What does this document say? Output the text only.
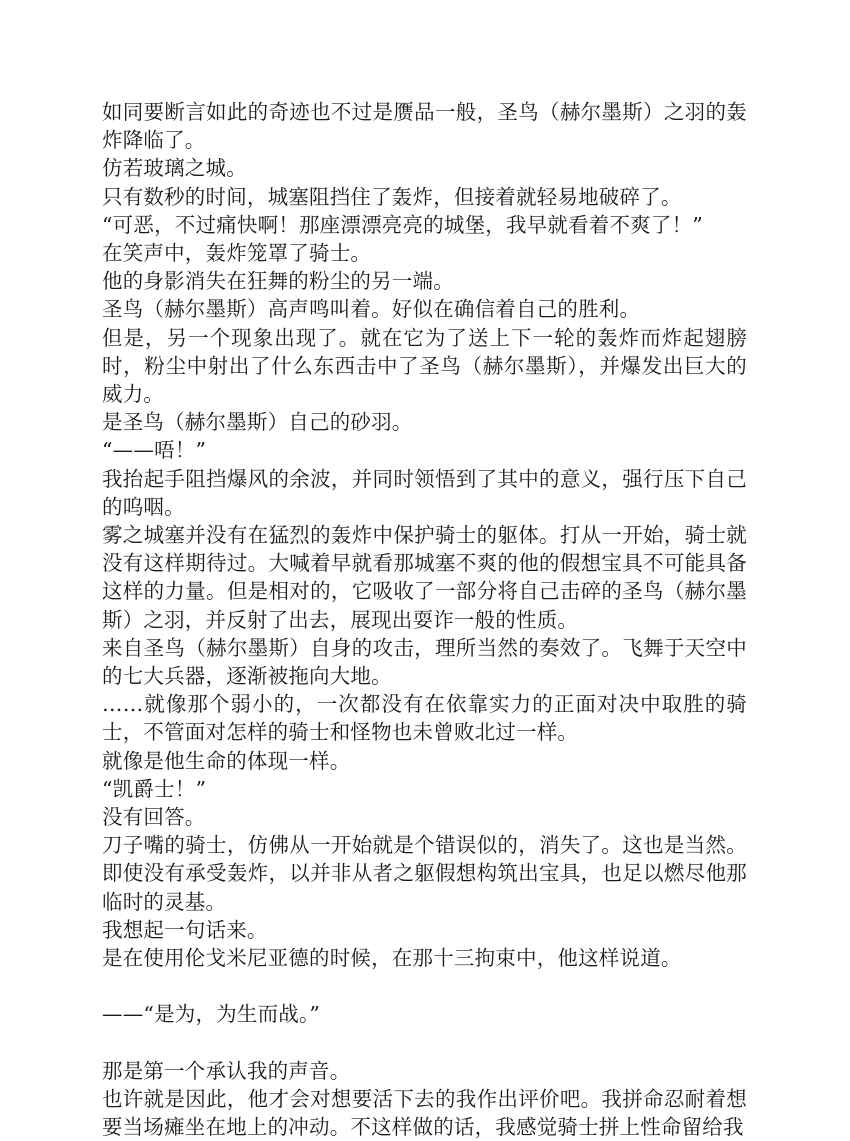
如同要断言如此的奇迹也不过是赝品一般，圣鸟（赫尔墨斯）之羽的轰炸降临了。

仿若玻璃之城。

只有数秒的时间，城塞阻挡住了轰炸，但接着就轻易地破碎了。

“可恶，不过痛快啊！那座漂漂亮亮的城堡，我早就看着不爽了！”

在笑声中，轰炸笼罩了骑士。

他的身影消失在狂舞的粉尘的另一端。

圣鸟（赫尔墨斯）高声鸣叫着。好似在确信着自己的胜利。

但是，另一个现象出现了。就在它为了送上下一轮的轰炸而炸起翅膀时，粉尘中射出了什么东西击中了圣鸟（赫尔墨斯），并爆发出巨大的威力。

是圣鸟（赫尔墨斯）自己的砂羽。

“——唔！”

我抬起手阻挡爆风的余波，并同时领悟到了其中的意义，强行压下自己的呜咽。

雾之城塞并没有在猛烈的轰炸中保护骑士的躯体。打从一开始，骑士就没有这样期待过。大喊着早就看那城塞不爽的他的假想宝具不可能具备这样的力量。但是相对的，它吸收了一部分将自己击碎的圣鸟（赫尔墨斯）之羽，并反射了出去，展现出耍诈一般的性质。

来自圣鸟（赫尔墨斯）自身的攻击，理所当然的奏效了。飞舞于天空中的七大兵器，逐渐被拖向大地。

……就像那个弱小的，一次都没有在依靠实力的正面对决中取胜的骑士，不管面对怎样的骑士和怪物也未曾败北过一样。

就像是他生命的体现一样。

“凯爵士！”

没有回答。

刀子嘴的骑士，仿佛从一开始就是个错误似的，消失了。这也是当然。即使没有承受轰炸，以并非从者之躯假想构筑出宝具，也足以燃尽他那临时的灵基。

我想起一句话来。

是在使用伦戈米尼亚德的时候，在那十三拘束中，他这样说道。

——“是为，为生而战。”

那是第一个承认我的声音。

也许就是因此，他才会对想要活下去的我作出评价吧。我拼命忍耐着想要当场瘫坐在地上的冲动。不这样做的话，我感觉骑士拼上性命留给我
